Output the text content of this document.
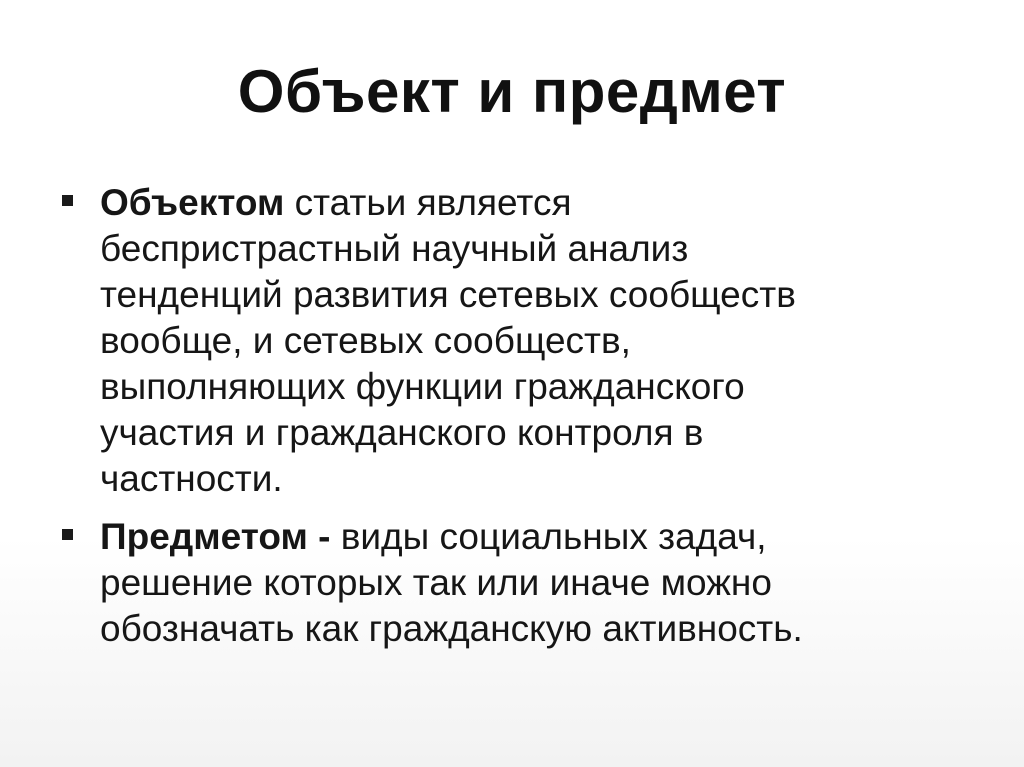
Объект и предмет
Объектом статьи является
беспристрастный научный анализ
тенденций развития сетевых сообществ
вообще, и сетевых сообществ,
выполняющих функции гражданского
участия и гражданского контроля в
частности.
Предметом - виды социальных задач,
решение которых так или иначе можно
обозначать как гражданскую активность.
